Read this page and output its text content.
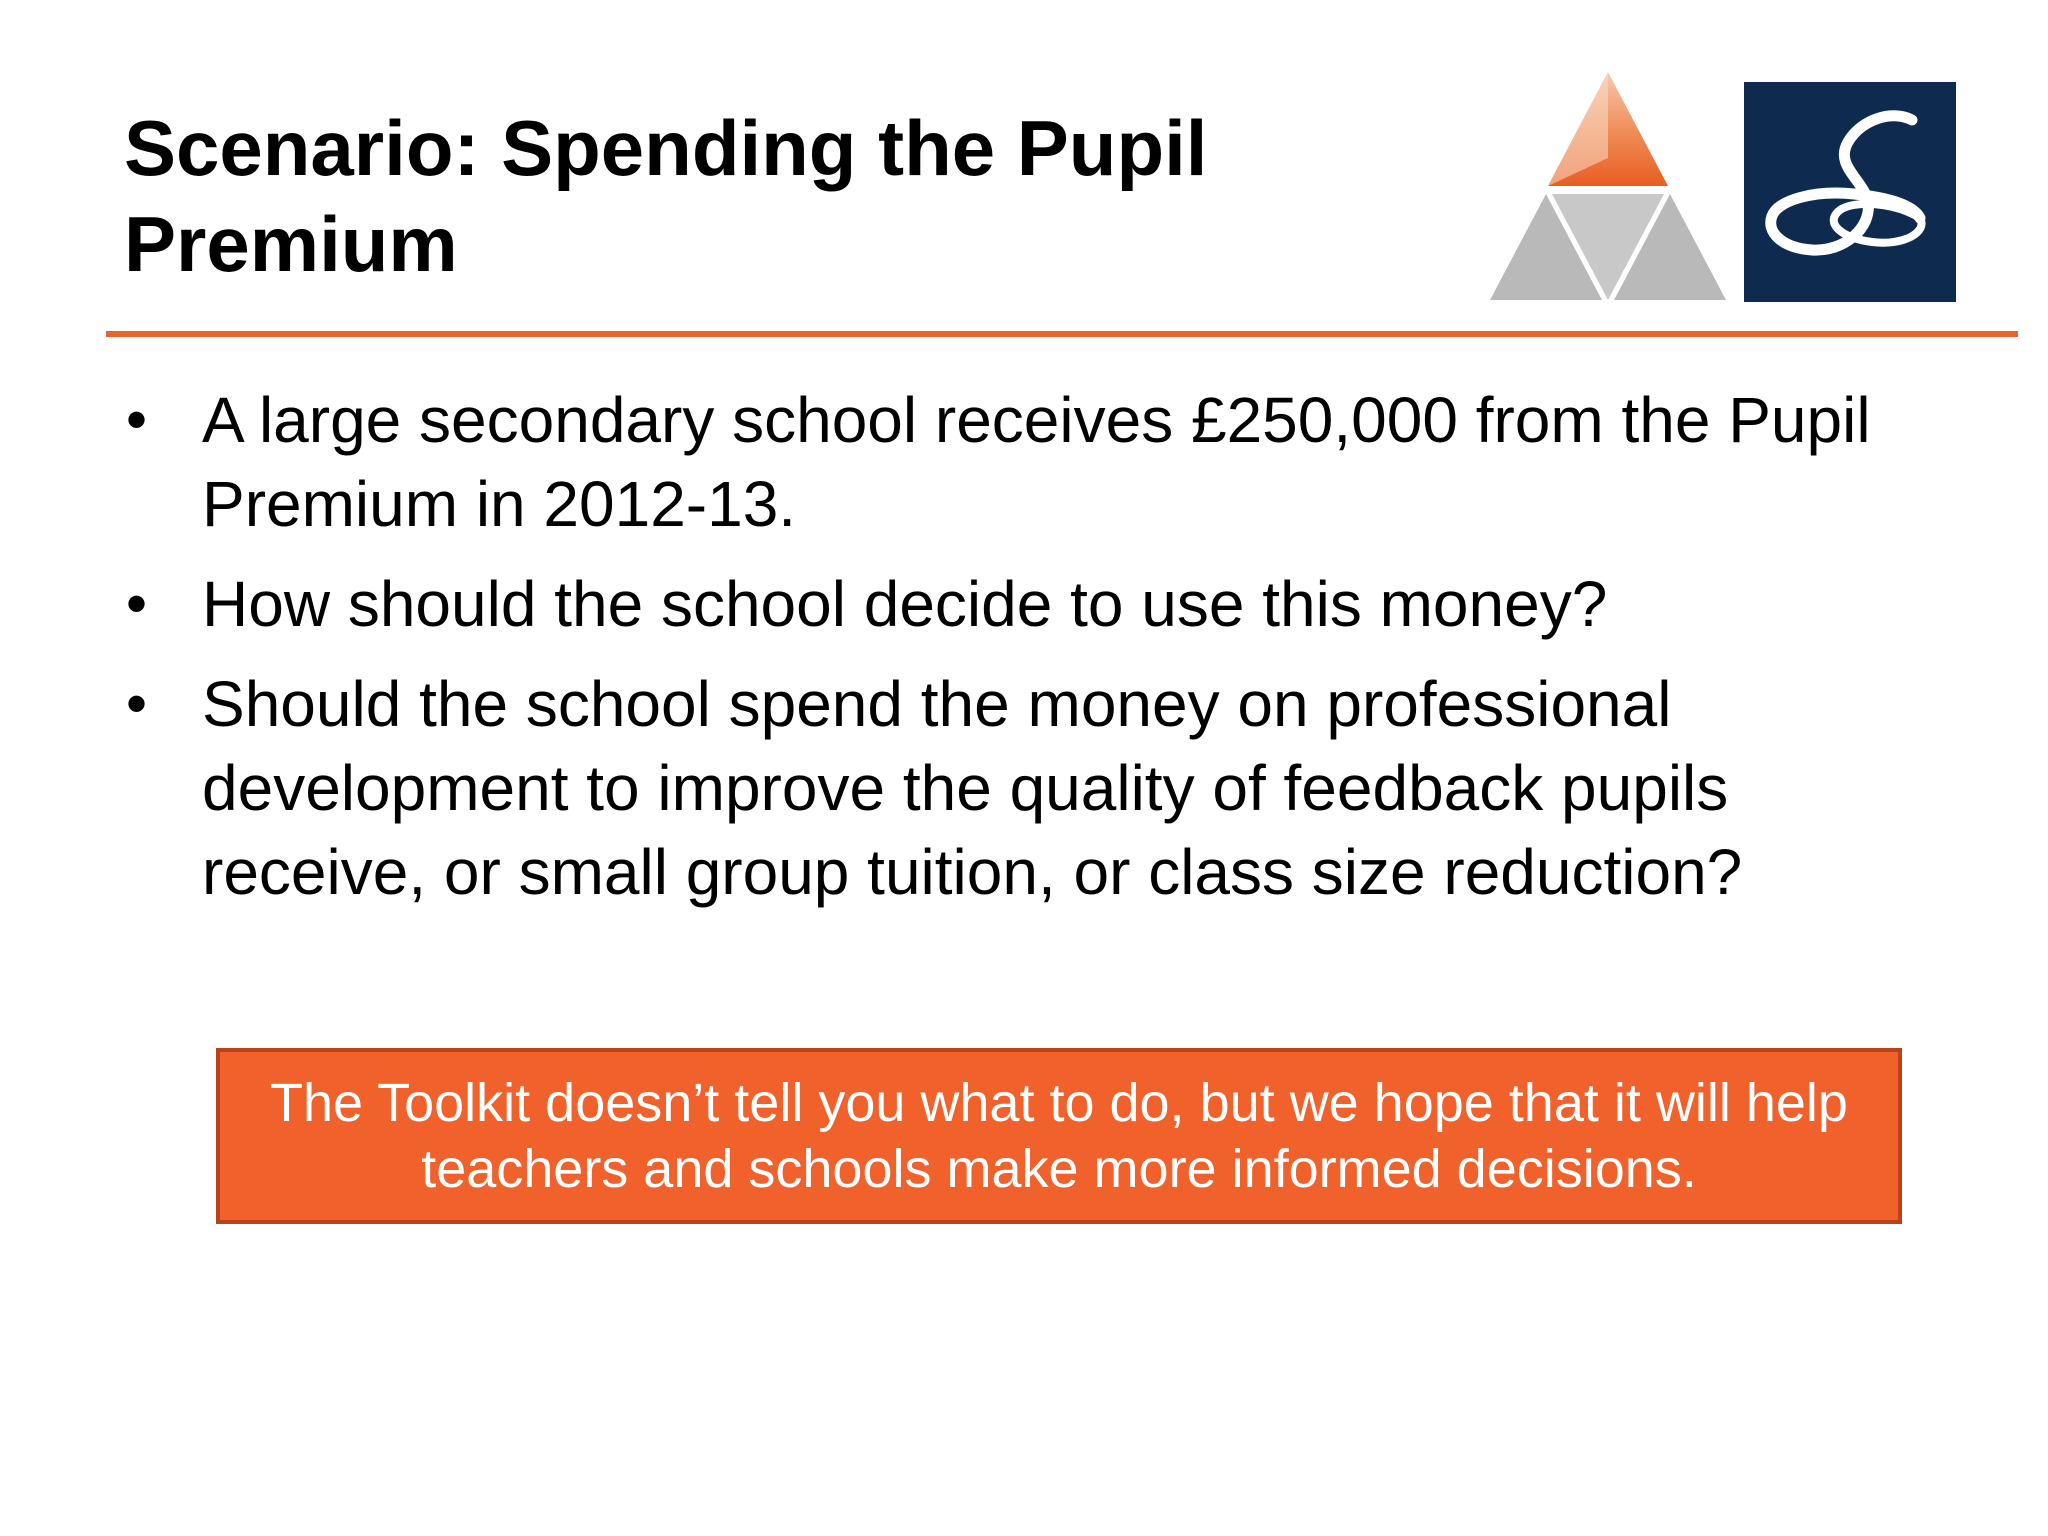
Scenario: Spending the Pupil Premium
• A large secondary school receives £250,000 from the Pupil Premium in 2012-13.
• How should the school decide to use this money?
• Should the school spend the money on professional development to improve the quality of feedback pupils receive, or small group tuition, or class size reduction?
The Toolkit doesn’t tell you what to do, but we hope that it will help teachers and schools make more informed decisions.
